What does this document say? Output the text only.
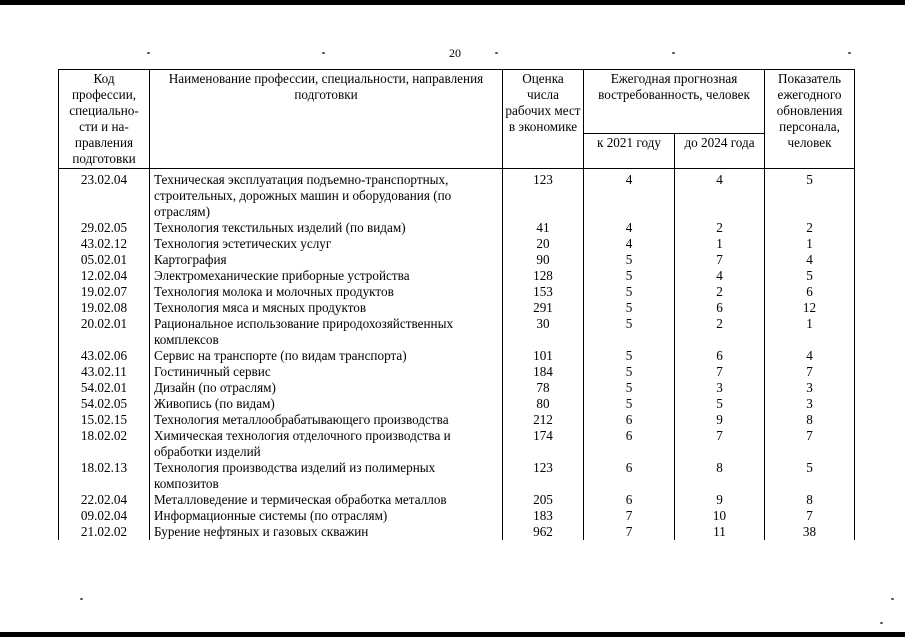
20
Код профессии, специально-сти и на-правления подготовки	Наименование профессии, специальности, направления подготовки	Оценка числа рабочих мест в экономике	Ежегодная прогнозная востребованность, человек		Показатель ежегодного обновления персонала, человек
			к 2021 году	до 2024 года	
23.02.04	Техническая эксплуатация подъемно-транспортных, строительных, дорожных машин и оборудования (по отраслям)	123	4	4	5
29.02.05	Технология текстильных изделий (по видам)	41	4	2	2
43.02.12	Технология эстетических услуг	20	4	1	1
05.02.01	Картография	90	5	7	4
12.02.04	Электромеханические приборные устройства	128	5	4	5
19.02.07	Технология молока и молочных продуктов	153	5	2	6
19.02.08	Технология мяса и мясных продуктов	291	5	6	12
20.02.01	Рациональное использование природохозяйственных комплексов	30	5	2	1
43.02.06	Сервис на транспорте (по видам транспорта)	101	5	6	4
43.02.11	Гостиничный сервис	184	5	7	7
54.02.01	Дизайн (по отраслям)	78	5	3	3
54.02.05	Живопись (по видам)	80	5	5	3
15.02.15	Технология металлообрабатывающего производства	212	6	9	8
18.02.02	Химическая технология отделочного производства и обработки изделий	174	6	7	7
18.02.13	Технология производства изделий из полимерных композитов	123	6	8	5
22.02.04	Металловедение и термическая обработка металлов	205	6	9	8
09.02.04	Информационные системы (по отраслям)	183	7	10	7
21.02.02	Бурение нефтяных и газовых скважин	962	7	11	38
